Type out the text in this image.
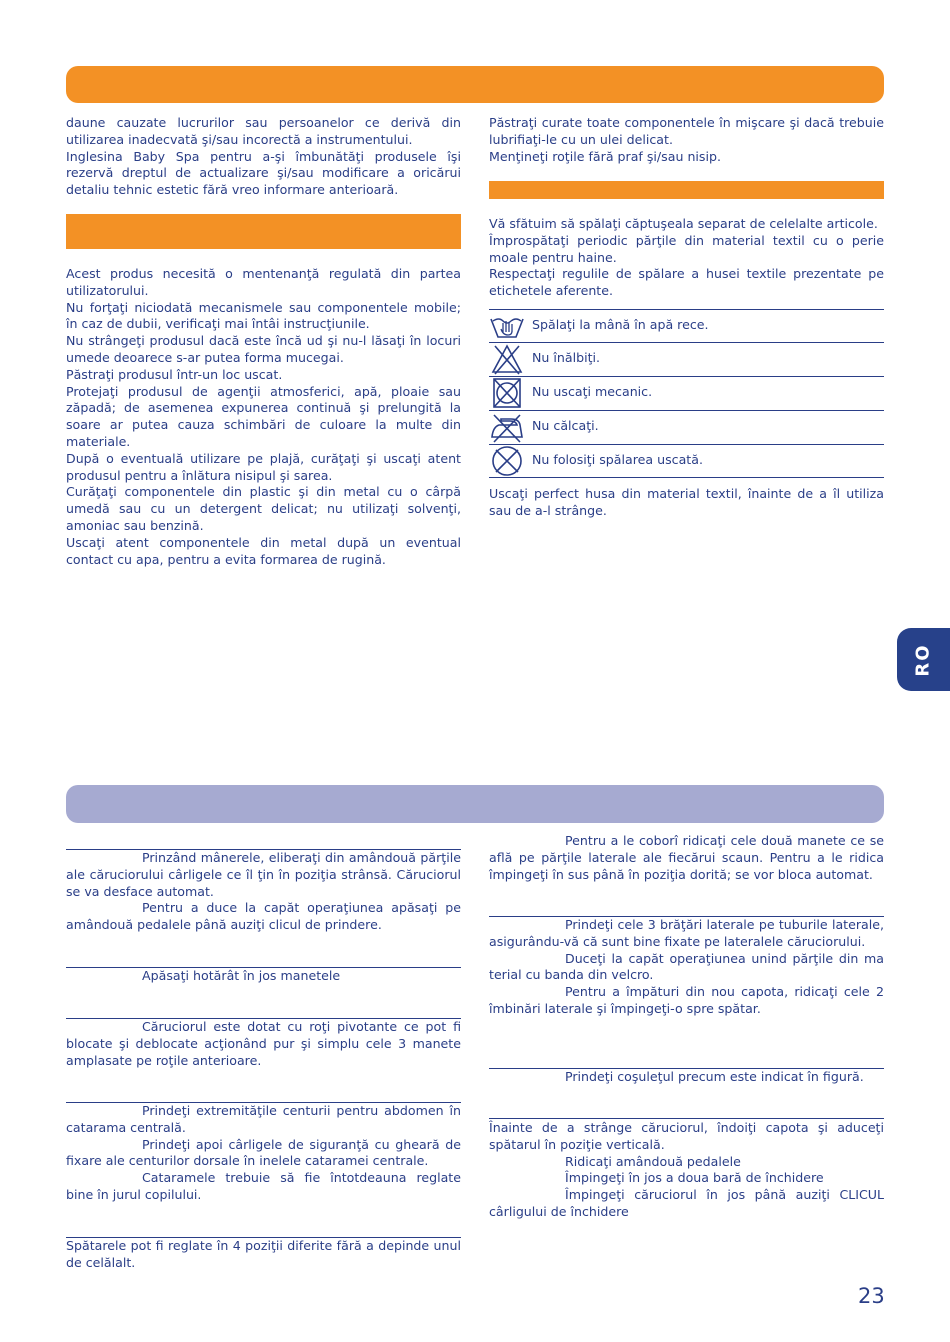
daune cauzate lucrurilor sau persoanelor ce derivă din utilizarea inadecvată şi/sau incorectă a instrumentului.

Inglesina Baby Spa pentru a-şi îmbunătăţi produsele îşi rezervă dreptul de actualizare şi/sau modificare a oricărui detaliu tehnic estetic fără vreo informare anterioară.

Acest produs necesită o mentenanţă regulată din partea utilizatorului.

Nu forţaţi niciodată mecanismele sau componentele mobile; în caz de dubii, verificaţi mai întâi instrucţiunile.

Nu strângeţi produsul dacă este încă ud şi nu-l lăsaţi în locuri umede deoarece s-ar putea forma mucegai.

Păstraţi produsul într-un loc uscat.

Protejaţi produsul de agenţii atmosferici, apă, ploaie sau zăpadă; de asemenea expunerea continuă şi prelungită la soare ar putea cauza schimbări de culoare la multe din materiale.

După o eventuală utilizare pe plajă, curăţaţi şi uscaţi atent produsul pentru a înlătura nisipul şi sarea.

Curăţaţi componentele din plastic şi din metal cu o cârpă umedă sau cu un detergent delicat; nu utilizaţi solvenţi, amoniac sau benzină.

Uscaţi atent componentele din metal după un eventual contact cu apa, pentru a evita formarea de rugină.

Păstraţi curate toate componentele în mişcare şi dacă trebuie lubrifiaţi-le cu un ulei delicat.

Menţineţi roţile fără praf şi/sau nisip.

Vă sfătuim să spălaţi căptuşeala separat de celelalte articole.

Împrospătaţi periodic părţile din material textil cu o perie moale pentru haine.

Respectaţi regulile de spălare a husei textile prezentate pe etichetele aferente.

Spălaţi la mână în apă rece.
Nu înălbiţi.
Nu uscaţi mecanic.
Nu călcaţi.
Nu folosiţi spălarea uscată.

Uscaţi perfect husa din material textil, înainte de a îl utiliza sau de a-l strânge.

RO

Prinzând mânerele, eliberaţi din amândouă părţile ale căruciorului cârligele ce îl ţin în poziţia strânsă. Căruciorul se va desface automat.

Pentru a duce la capăt operaţiunea apăsaţi pe amândouă pedalele până auziţi clicul de prindere.

Apăsaţi hotărât în jos manetele

Căruciorul este dotat cu roţi pivotante ce pot fi blocate şi deblocate acţionând pur şi simplu cele 3 manete amplasate pe roţile anterioare.

Prindeţi extremităţile centurii pentru abdomen în catarama centrală.

Prindeţi apoi cârligele de siguranţă cu gheară de fixare ale centurilor dorsale în inelele cataramei centrale.

Cataramele trebuie să fie întotdeauna reglate bine în jurul copilului.

Spătarele pot fi reglate în 4 poziţii diferite fără a depinde unul de celălalt.

Pentru a le coborî ridicaţi cele două manete ce se află pe părţile laterale ale fiecărui scaun. Pentru a le ridica împingeţi în sus până în poziţia dorită; se vor bloca automat.

Prindeţi cele 3 brăţări laterale pe tuburile laterale, asigurându-vă că sunt bine fixate pe lateralele căruciorului.

Duceţi la capăt operaţiunea unind părţile din ma terial cu banda din velcro.

Pentru a împături din nou capota, ridicaţi cele 2 îmbinări laterale şi împingeţi-o spre spătar.

Prindeţi coşuleţul precum este indicat în figură.

Înainte de a strânge căruciorul, îndoiţi capota şi aduceţi spătarul în poziţie verticală.

Ridicaţi amândouă pedalele

Împingeţi în jos a doua bară de închidere

Împingeţi căruciorul în jos până auziţi CLICUL cârligului de închidere

23
